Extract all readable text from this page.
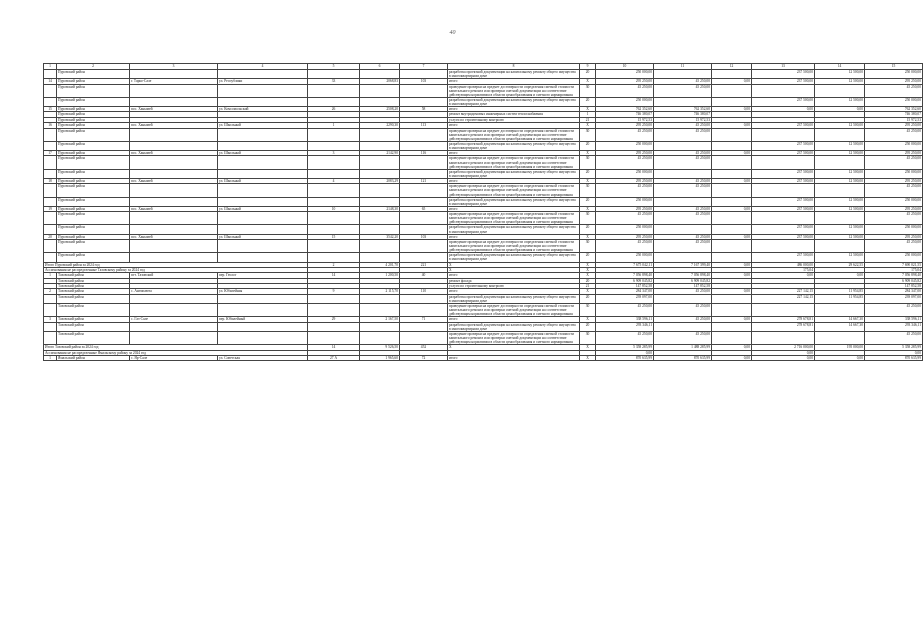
40
1	2	3	4	5	6	7	8	9	10	11	12	13	14	15
	Пуровский район						разработка проектной документации на капитальному ремонту общего имущества в многоквартирном доме	20	250 000,00			237 500,00	12 500,00	250 000,00
14	Пуровский район	г. Тарко-Сале	ул. Республики	33	2068,83	103	итого	X	295 250,00	45 250,00	0,00	237 500,00	12 500,00	295 250,00
	Пуровский район						проведение проверки на предмет достоверности определения сметной стоимости капитального ремонта или проверки сметной документации на соответствие действующим нормативам в области ценообразования и сметного нормирования	30	45 250,00	45 250,00				45 250,00
	Пуровский район						разработка проектной документации на капитальному ремонту общего имущества в многоквартирном доме	20	250 000,00			237 500,00	12 500,00	250 000,00
15	Пуровский район	пос. Ханымей	ул. Комсомольский	26	2508,20	58	итого	X	762 352,60	762 352,60	0,00	0,00	0,00	762 352,60
	Пуровский район						ремонт внутридомовых инженерных систем теплоснабжения	1	746 380,07	746 380,07				746 380,07
	Пуровский район						услуги по строительному контролю	21	15 972,53	15 972,53				15 972,53
16	Пуровский район	пос. Ханымей	ул. Школьный	1	2290,30	113	итого	X	295 250,00	45 250,00	0,00	237 500,00	12 500,00	295 250,00
	Пуровский район						проведение проверки на предмет достоверности определения сметной стоимости капитального ремонта или проверки сметной документации на соответствие действующим нормативам в области ценообразования и сметного нормирования	30	45 250,00	45 250,00				45 250,00
	Пуровский район						разработка проектной документации на капитальному ремонту общего имущества в многоквартирном доме	20	250 000,00			237 500,00	12 500,00	250 000,00
17	Пуровский район	пос. Ханымей	ул. Школьный	3	2142,90	116	итого	X	295 250,00	45 250,00	0,00	237 500,00	12 500,00	295 250,00
	Пуровский район						проведение проверки на предмет достоверности определения сметной стоимости капитального ремонта или проверки сметной документации на соответствие действующим нормативам в области ценообразования и сметного нормирования	30	45 250,00	45 250,00				45 250,00
	Пуровский район						разработка проектной документации на капитальному ремонту общего имущества в многоквартирном доме	20	250 000,00			237 500,00	12 500,00	250 000,00
18	Пуровский район	пос. Ханымей	ул. Школьный	4	2083,29	121	итого	X	295 250,00	45 250,00	0,00	237 500,00	12 500,00	295 250,00
	Пуровский район						проведение проверки на предмет достоверности определения сметной стоимости капитального ремонта или проверки сметной документации на соответствие действующим нормативам в области ценообразования и сметного нормирования	30	45 250,00	45 250,00				45 250,00
	Пуровский район						разработка проектной документации на капитальному ремонту общего имущества в многоквартирном доме	20	250 000,00			237 500,00	12 500,00	250 000,00
19	Пуровский район	пос. Ханымей	ул. Школьный	10	2148,30	65	итого	X	295 250,00	45 250,00	0,00	237 500,00	12 500,00	295 250,00
	Пуровский район						проведение проверки на предмет достоверности определения сметной стоимости капитального ремонта или проверки сметной документации на соответствие действующим нормативам в области ценообразования и сметного нормирования	30	45 250,00	45 250,00				45 250,00
	Пуровский район						разработка проектной документации на капитальному ремонту общего имущества в многоквартирном доме	20	250 000,00			237 500,00	12 500,00	250 000,00
20	Пуровский район	пос. Ханымей	ул. Школьный	15	3542,20	103	итого	X	295 250,00	45 250,00	0,00	237 500,00	12 500,00	295 250,00
	Пуровский район						проведение проверки на предмет достоверности определения сметной стоимости капитального ремонта или проверки сметной документации на соответствие действующим нормативам в области ценообразования и сметного нормирования	30	45 250,00	45 250,00				45 250,00
	Пуровский район						разработка проектной документации на капитальному ремонту общего имущества в многоквартирном доме	20	250 000,00			237 500,00	12 500,00	250 000,00
Итого Пуровский район за 2024 год				2	4 201,70	221	X	X	7 675 042,11	7 167 399,40	0,00	486 000,00	29 622,55	7 690 021,55
Ассигнования не распределенные Тазовскому району за 2024 год							X	X				175,04		175,04
1	Тазовский район	пгт. Тазовский	пер. Геолог	14	1 200,50	40	итого	X	7 056 898,40	7 056 898,40	0,00	0,00	0,00	7 056 898,40
	Тазовский район						ремонт фасада	20	6 909 045,82	6 909 045,82				6 909 045,82
	Тазовский район						услуги по строительному контролю	21	147 852,58	147 852,58				147 852,58
2	Тазовский район	с. Антипаюта	ул. Юбилейная	9	2 115,70	110	итого	X	284 347,00	45 250,00	0,00	227 142,15	11 954,85	284 347,00
	Тазовский район						разработка проектной документации на капитальному ремонту общего имущества в многоквартирном доме	20	239 097,00			227 142,15	11 954,85	239 097,00
	Тазовский район						проведение проверки на предмет достоверности определения сметной стоимости капитального ремонта или проверки сметной документации на соответствие действующим нормативам в области ценообразования и сметного нормирования	30	45 250,00	45 250,00				45 250,00
3	Тазовский район	с. Газ-Сале	пер. Юбилейный	29	2 167,50	71	итого	X	338 596,11	45 250,00	0,00	278 678,81	14 667,30	338 596,11
	Тазовский район						разработка проектной документации на капитальному ремонту общего имущества в многоквартирном доме	20	293 346,11			278 678,81	14 667,30	293 346,11
	Тазовский район						проведение проверки на предмет достоверности определения сметной стоимости капитального ремонта или проверки сметной документации на соответствие действующим нормативам в области ценообразования и сметного нормирования	30	45 250,00	45 250,00				45 250,00
Итого Тазовский район за 2024 год				14	9 526,50	452	X	X	5 358 285,99	1 488 285,99	0,00	2 716 000,00	195 000,00	5 358 285,99
Ассигнования не распределенные Ямальскому району за 2024 год									0,00			0,00		0,00
1	Ямальский район	с. Яр-Сале	ул. Советская	27 А	1 965,60	72	итого	X	870 635,99	870 635,99	0,00	0,00	0,00	870 635,99
